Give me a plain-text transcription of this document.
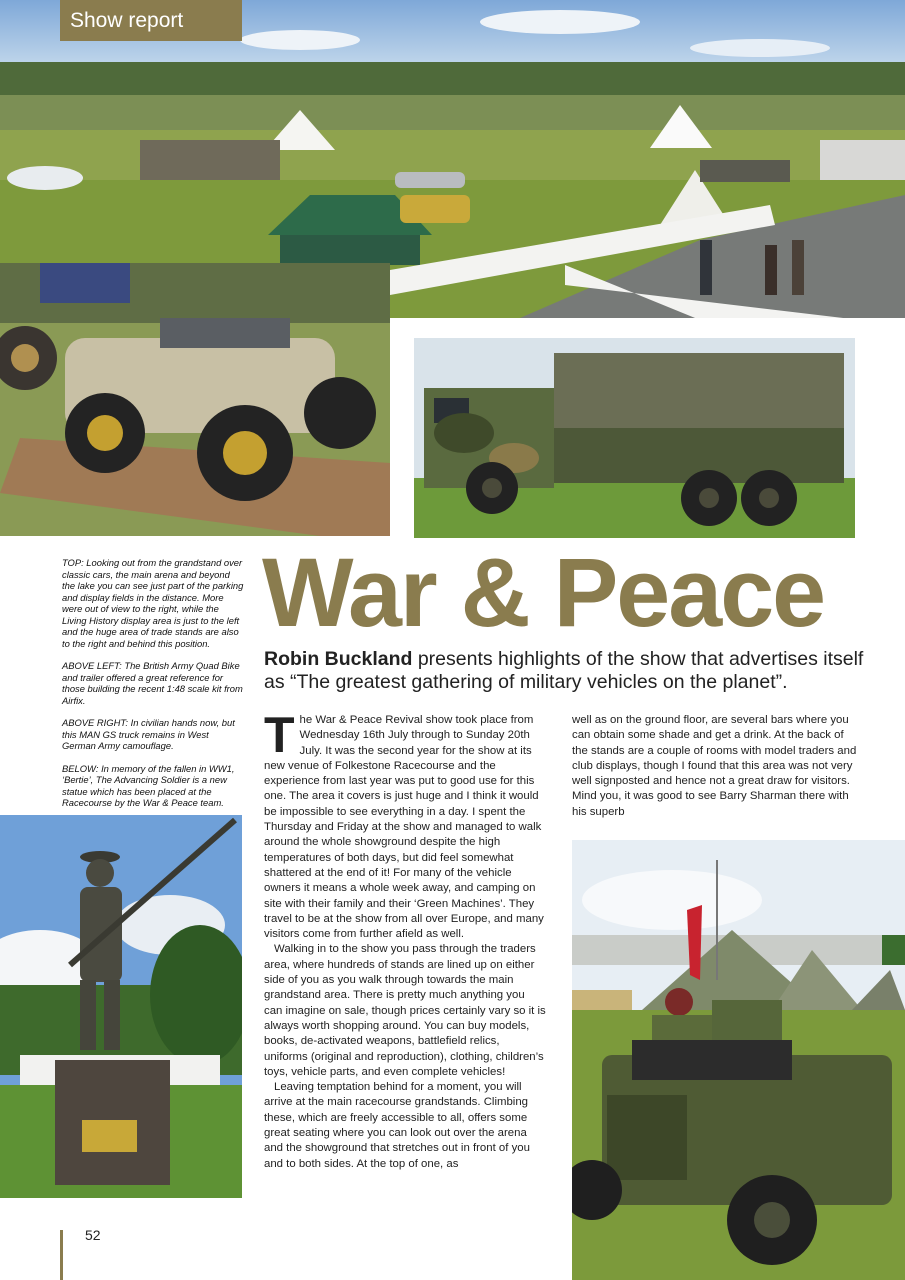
Show report

TOP: Looking out from the grandstand over classic cars, the main arena and beyond the lake you can see just part of the parking and display fields in the distance. More were out of view to the right, while the Living History display area is just to the left and the huge area of trade stands are also to the right and behind this position.

ABOVE LEFT: The British Army Quad Bike and trailer offered a great reference for those building the recent 1:48 scale kit from Airfix.

ABOVE RIGHT: In civilian hands now, but this MAN GS truck remains in West German Army camouflage.

BELOW: In memory of the fallen in WW1, ‘Bertie’, The Advancing Soldier is a new statue which has been placed at the Racecourse by the War & Peace team.

War & Peace
Robin Buckland presents highlights of the show that advertises itself as “The greatest gathering of military vehicles on the planet”.

The War & Peace Revival show took place from Wednesday 16th July through to Sunday 20th July. It was the second year for the show at its new venue of Folkestone Racecourse and the experience from last year was put to good use for this one. The area it covers is just huge and I think it would be impossible to see everything in a day. I spent the Thursday and Friday at the show and managed to walk around the whole showground despite the high temperatures of both days, but did feel somewhat shattered at the end of it! For many of the vehicle owners it means a whole week away, and camping on site with their family and their ‘Green Machines’. They travel to be at the show from all over Europe, and many visitors come from further afield as well.

Walking in to the show you pass through the traders area, where hundreds of stands are lined up on either side of you as you walk through towards the main grandstand area. There is pretty much anything you can imagine on sale, though prices certainly vary so it is always worth shopping around. You can buy models, books, de-activated weapons, battlefield relics, uniforms (original and reproduction), clothing, children’s toys, vehicle parts, and even complete vehicles!

Leaving temptation behind for a moment, you will arrive at the main racecourse grandstands. Climbing these, which are freely accessible to all, offers some great seating where you can look out over the arena and the showground that stretches out in front of you and to both sides. At the top of one, as

well as on the ground floor, are several bars where you can obtain some shade and get a drink. At the back of the stands are a couple of rooms with model traders and club displays, though I found that this area was not very well signposted and hence not a great draw for visitors. Mind you, it was good to see Barry Sharman there with his superb

52
